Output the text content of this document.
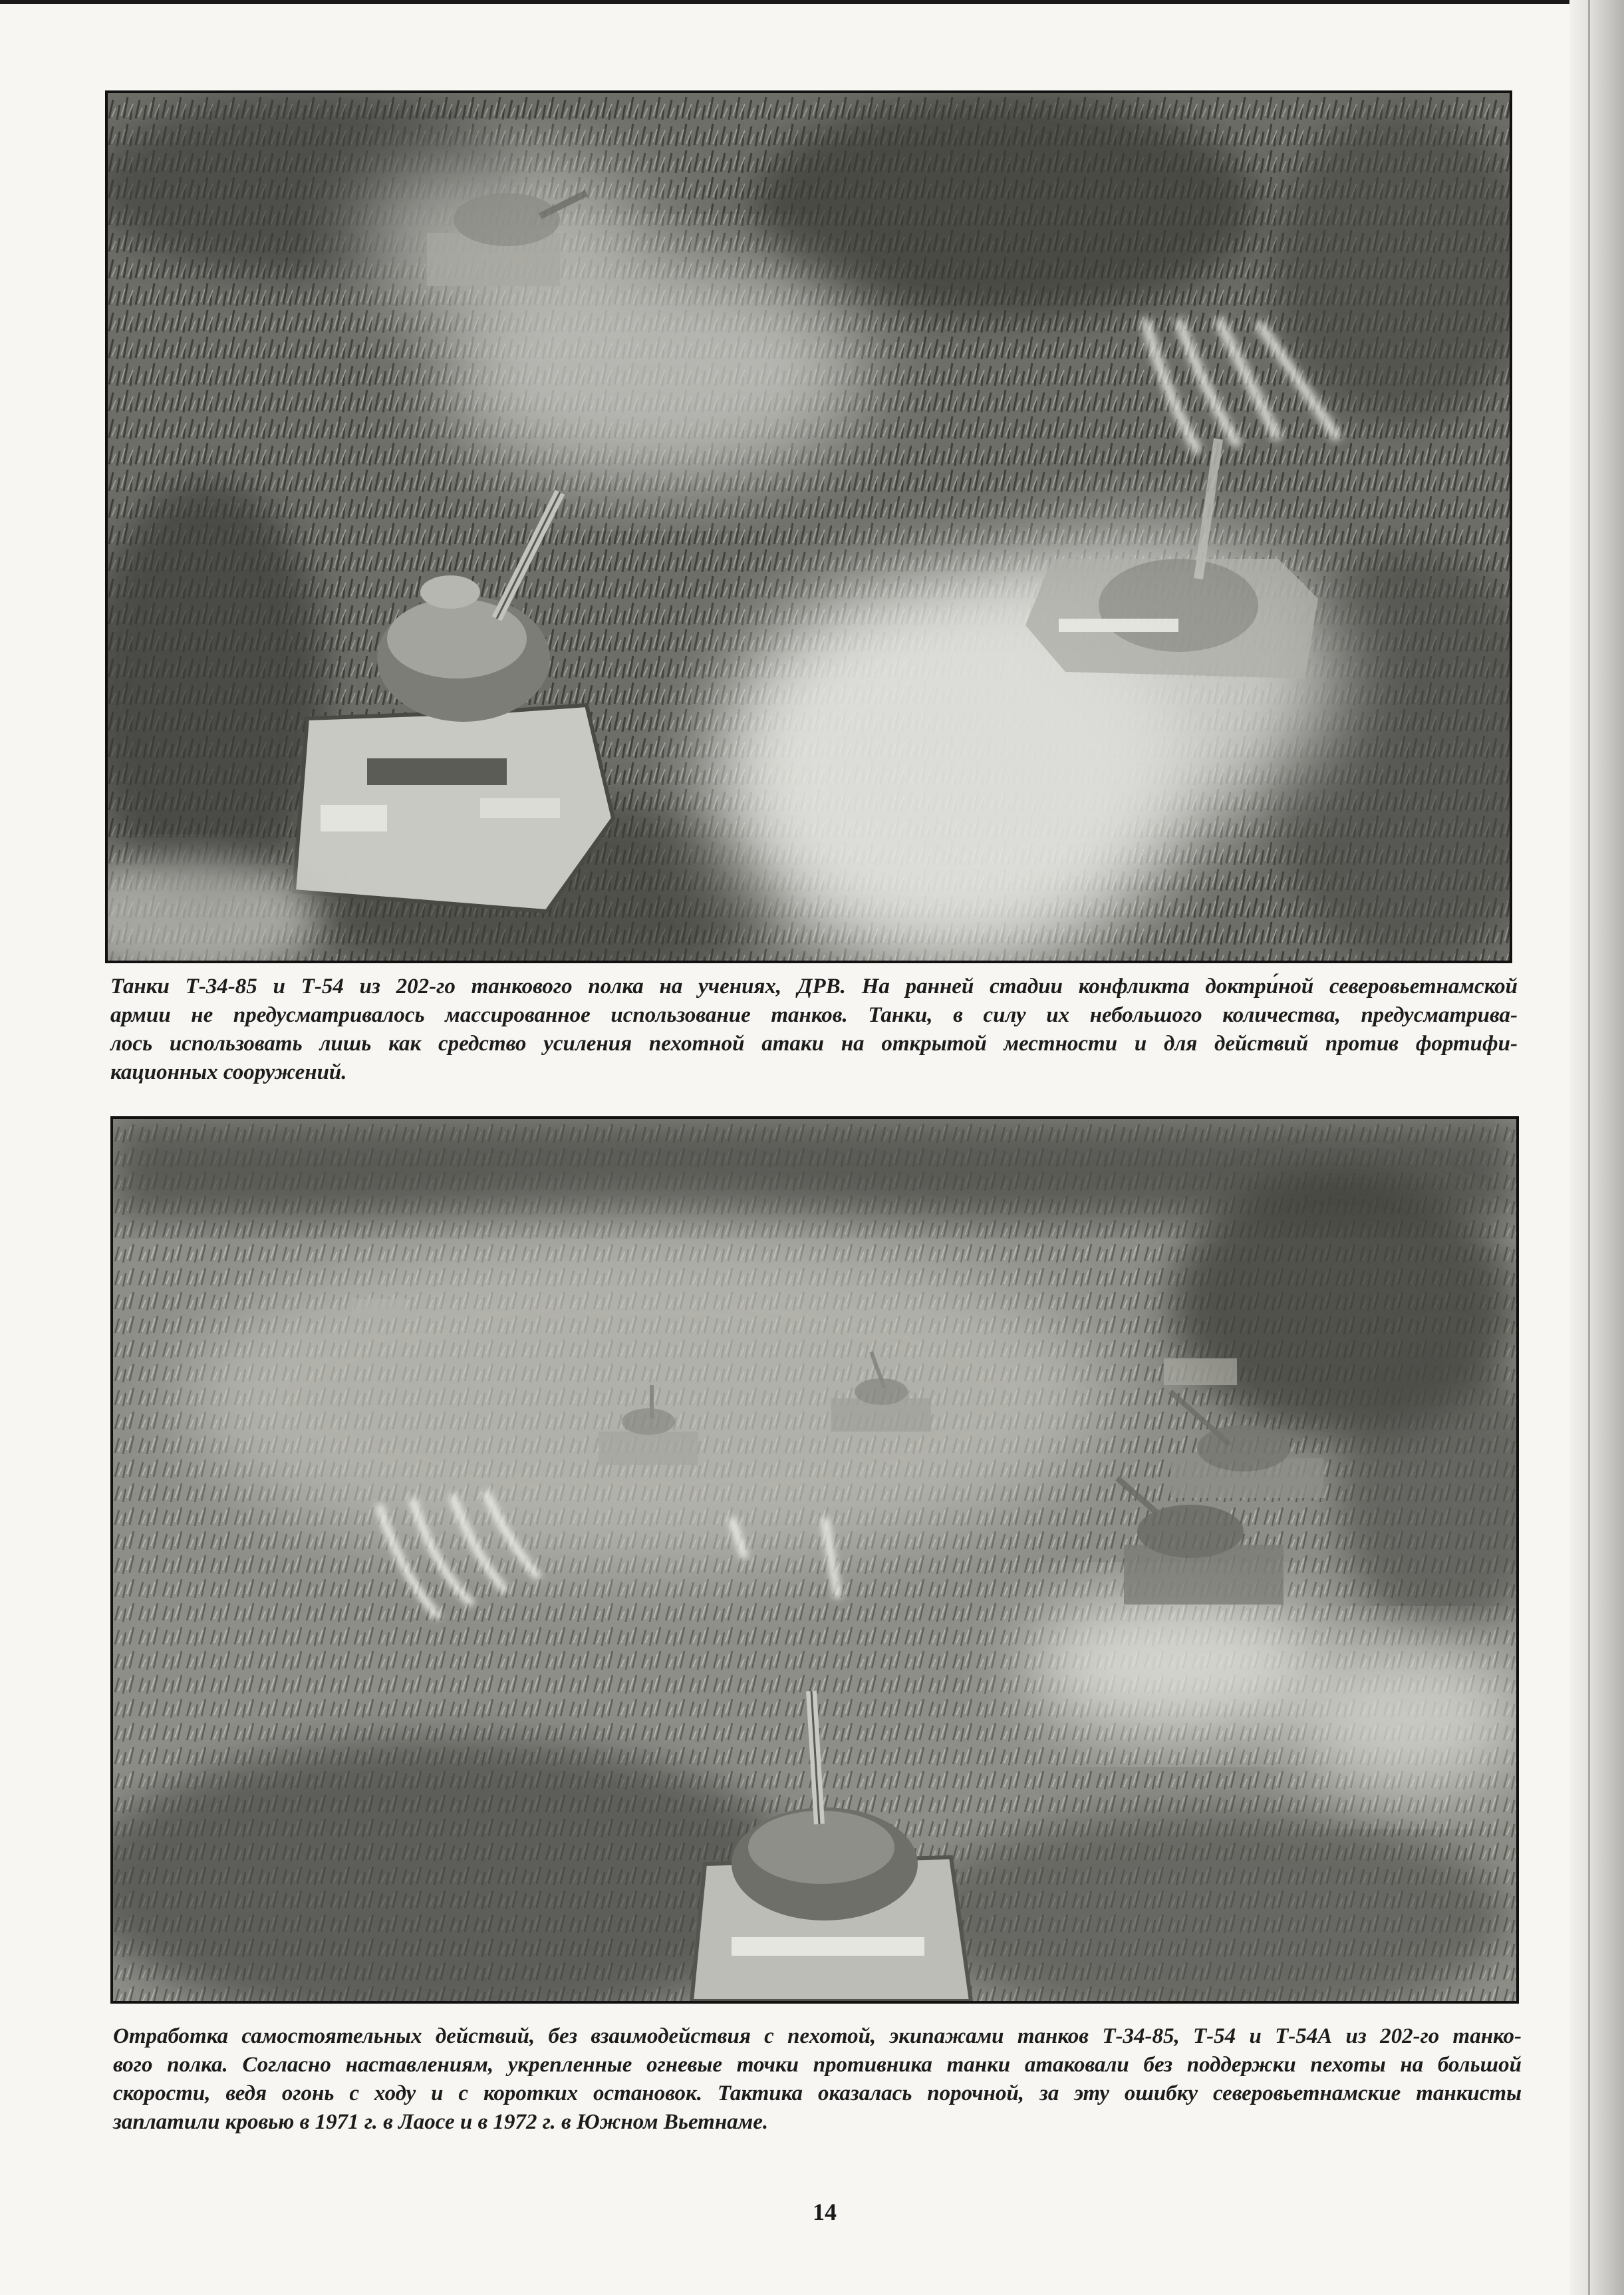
Танки Т-34-85 и Т-54 из 202-го танкового полка на учениях, ДРВ. На ранней стадии конфликта доктри́ной северовьетнамской
армии не предусматривалось массированное использование танков. Танки, в силу их небольшого количества, предусматрива-
лось использовать лишь как средство усиления пехотной атаки на открытой местности и для действий против фортифи-
кационных сооружений.
Отработка самостоятельных действий, без взаимодействия с пехотой, экипажами танков Т-34-85, Т-54 и Т-54А из 202-го танко-
вого полка. Согласно наставлениям, укрепленные огневые точки противника танки атаковали без поддержки пехоты на большой
скорости, ведя огонь с ходу и с коротких остановок. Тактика оказалась порочной, за эту ошибку северовьетнамские танкисты
заплатили кровью в 1971 г. в Лаосе и в 1972 г. в Южном Вьетнаме.
14
